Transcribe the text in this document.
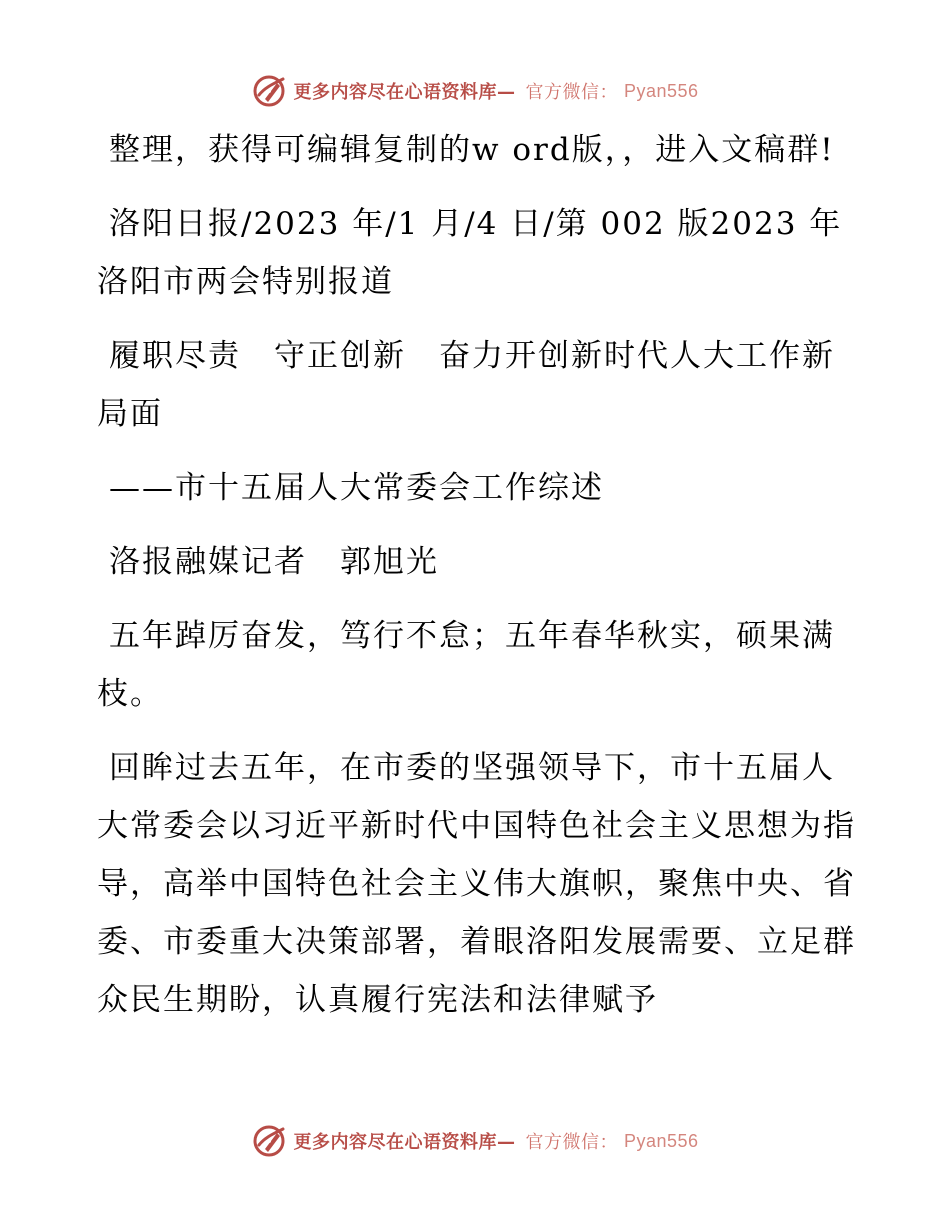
更多内容尽在心语资料库— 官方微信： Pyan556

整理，获得可编辑复制的w ord版，，进入文稿群!

洛阳日报/2023 年/1 月/4 日/第 002 版2023 年洛阳市两会特别报道

履职尽责　守正创新　奋力开创新时代人大工作新局面

——市十五届人大常委会工作综述

洛报融媒记者　郭旭光

五年踔厉奋发，笃行不怠；五年春华秋实，硕果满枝。

回眸过去五年，在市委的坚强领导下，市十五届人大常委会以习近平新时代中国特色社会主义思想为指导，高举中国特色社会主义伟大旗帜，聚焦中央、省委、市委重大决策部署，着眼洛阳发展需要、立足群众民生期盼，认真履行宪法和法律赋予

更多内容尽在心语资料库— 官方微信： Pyan556
